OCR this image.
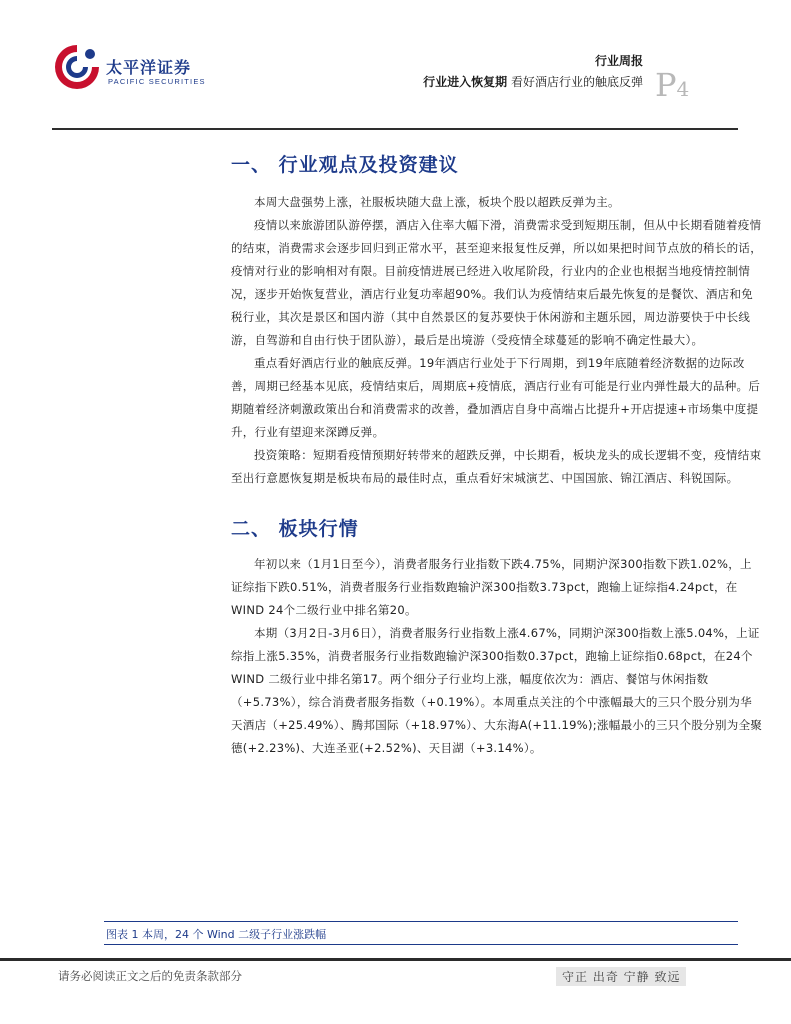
太平洋证券
PACIFIC SECURITIES
行业周报
行业进入恢复期 看好酒店行业的触底反弹 P4
一、 行业观点及投资建议

本周大盘强势上涨，社服板块随大盘上涨，板块个股以超跌反弹为主。

疫情以来旅游团队游停摆，酒店入住率大幅下滑，消费需求受到短期压制，但从中长期看随着疫情的结束，消费需求会逐步回归到正常水平，甚至迎来报复性反弹，所以如果把时间节点放的稍长的话，疫情对行业的影响相对有限。目前疫情进展已经进入收尾阶段，行业内的企业也根据当地疫情控制情况，逐步开始恢复营业，酒店行业复功率超90%。我们认为疫情结束后最先恢复的是餐饮、酒店和免税行业，其次是景区和国内游（其中自然景区的复苏要快于休闲游和主题乐园，周边游要快于中长线游，自驾游和自由行快于团队游），最后是出境游（受疫情全球蔓延的影响不确定性最大）。

重点看好酒店行业的触底反弹。19年酒店行业处于下行周期，到19年底随着经济数据的边际改善，周期已经基本见底，疫情结束后，周期底+疫情底，酒店行业有可能是行业内弹性最大的品种。后期随着经济刺激政策出台和消费需求的改善，叠加酒店自身中高端占比提升+开店提速+市场集中度提升，行业有望迎来深蹲反弹。

投资策略：短期看疫情预期好转带来的超跌反弹，中长期看，板块龙头的成长逻辑不变，疫情结束至出行意愿恢复期是板块布局的最佳时点，重点看好宋城演艺、中国国旅、锦江酒店、科锐国际。

二、 板块行情

年初以来（1月1日至今），消费者服务行业指数下跌4.75%，同期沪深300指数下跌1.02%，上证综指下跌0.51%，消费者服务行业指数跑输沪深300指数3.73pct，跑输上证综指4.24pct，在WIND 24个二级行业中排名第20。

本期（3月2日-3月6日），消费者服务行业指数上涨4.67%，同期沪深300指数上涨5.04%，上证综指上涨5.35%，消费者服务行业指数跑输沪深300指数0.37pct，跑输上证综指0.68pct，在24个WIND 二级行业中排名第17。两个细分子行业均上涨，幅度依次为：酒店、餐馆与休闲指数（+5.73%），综合消费者服务指数（+0.19%）。本周重点关注的个中涨幅最大的三只个股分别为华天酒店（+25.49%）、腾邦国际（+18.97%）、大东海A(+11.19%);涨幅最小的三只个股分别为全聚德(+2.23%)、大连圣亚(+2.52%)、天目湖（+3.14%）。

图表 1 本周，24 个 Wind 二级子行业涨跌幅
请务必阅读正文之后的免责条款部分	守正 出奇 宁静 致远
